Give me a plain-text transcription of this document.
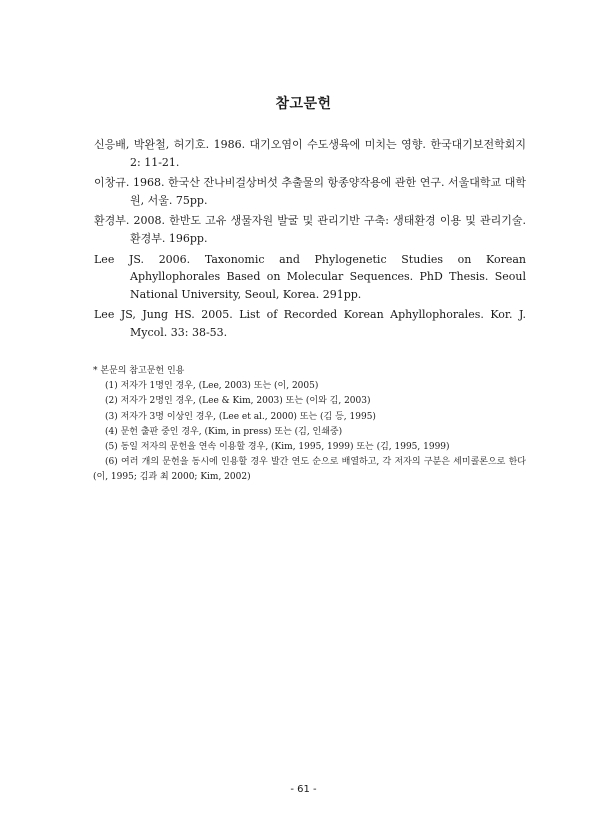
참고문헌

신응배, 박완철, 허기호. 1986. 대기오염이 수도생육에 미치는 영향. 한국대기보전학회지 2: 11-21.

이창규. 1968. 한국산 잔나비걸상버섯 추출물의 항종양작용에 관한 연구. 서울대학교 대학원, 서울. 75pp.

환경부. 2008. 한반도 고유 생물자원 발굴 및 관리기반 구축: 생태환경 이용 및 관리기술. 환경부. 196pp.

Lee JS. 2006. Taxonomic and Phylogenetic Studies on Korean Aphyllophorales Based on Molecular Sequences. PhD Thesis. Seoul National University, Seoul, Korea. 291pp.

Lee JS, Jung HS. 2005. List of Recorded Korean Aphyllophorales. Kor. J. Mycol. 33: 38-53.

* 본문의 참고문헌 인용

(1) 저자가 1명인 경우, (Lee, 2003) 또는 (이, 2005)

(2) 저자가 2명인 경우, (Lee & Kim, 2003) 또는 (이와 김, 2003)

(3) 저자가 3명 이상인 경우, (Lee et al., 2000) 또는 (김 등, 1995)

(4) 문헌 출판 중인 경우, (Kim, in press) 또는 (김, 인쇄중)

(5) 동일 저자의 문헌을 연속 이용할 경우, (Kim, 1995, 1999) 또는 (김, 1995, 1999)

(6) 여러 개의 문헌을 동시에 인용할 경우 발간 연도 순으로 배열하고, 각 저자의 구분은 세미콜론으로 한다(이, 1995; 김과 최 2000; Kim, 2002)

- 61 -
